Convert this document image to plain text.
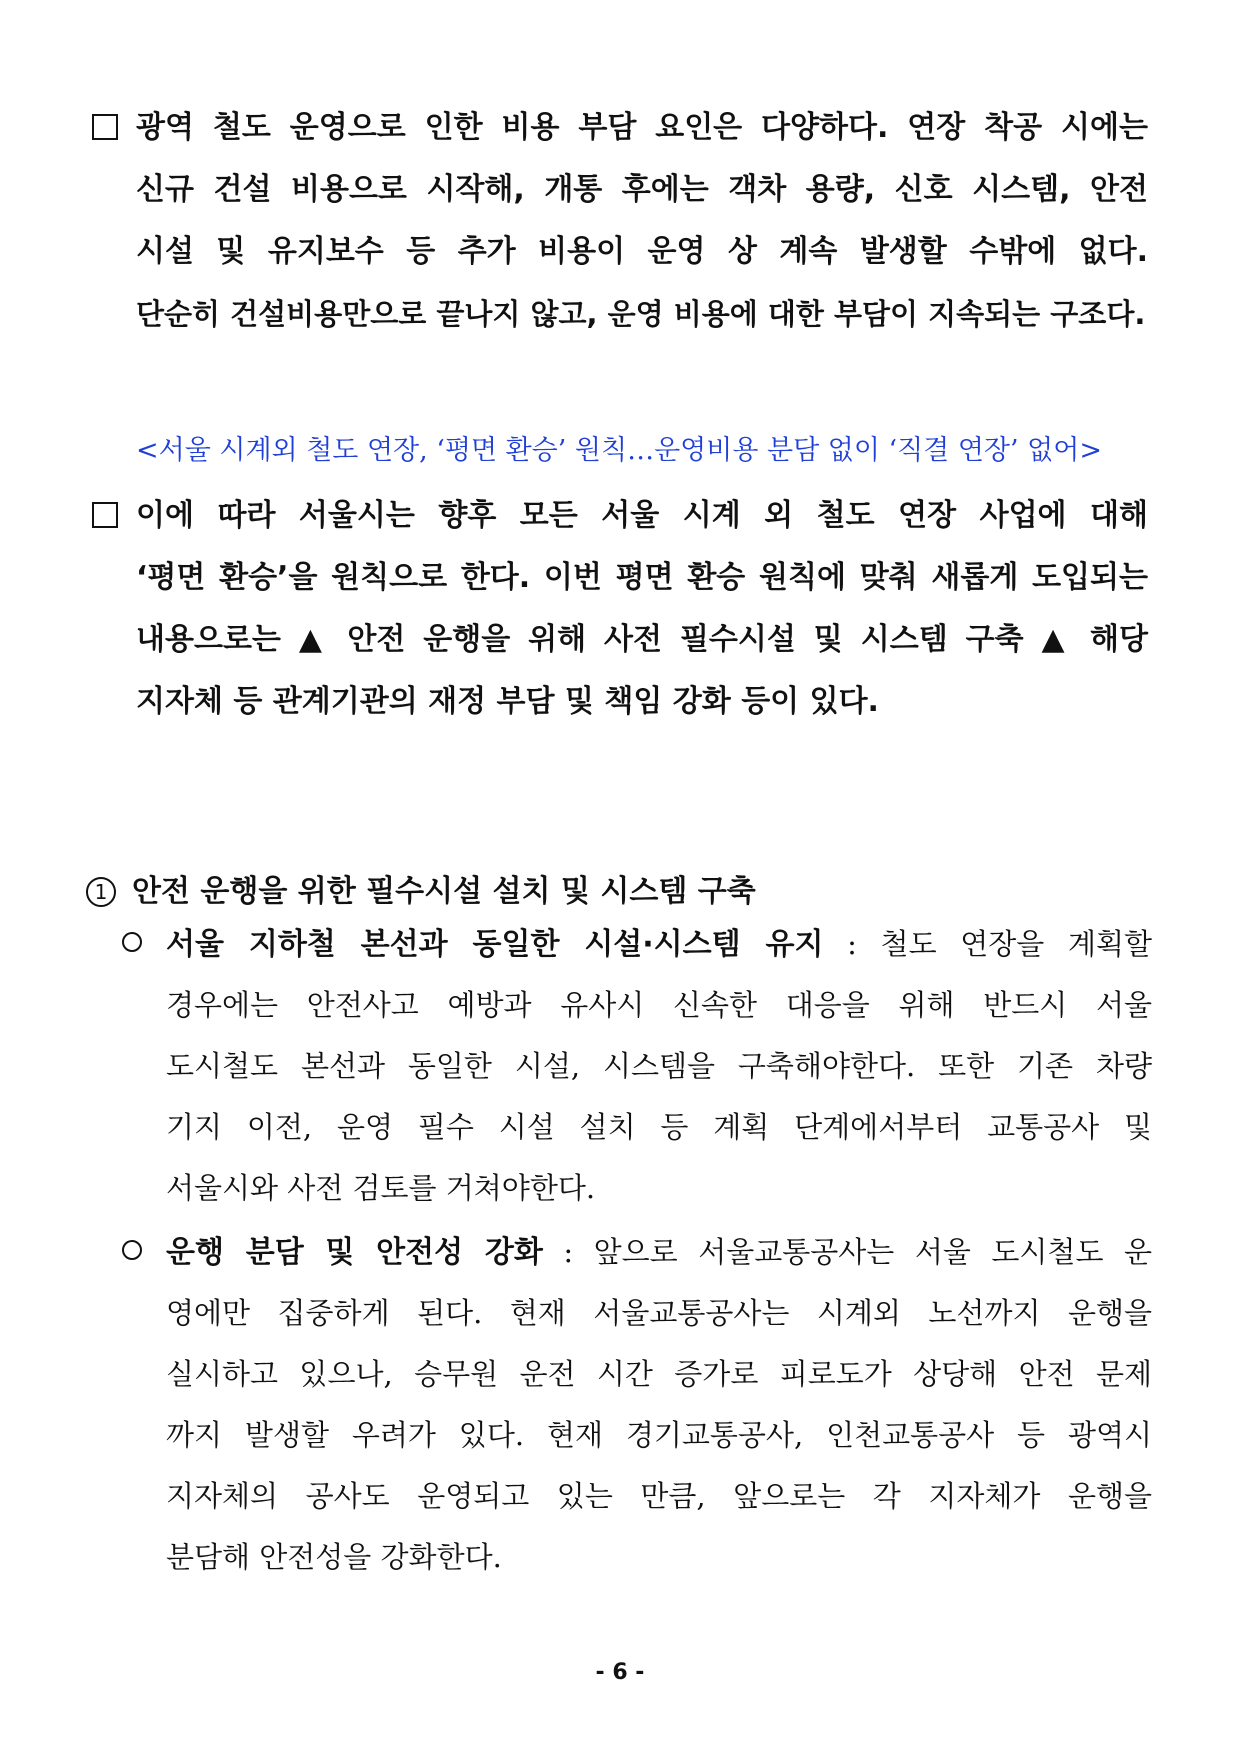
광역 철도 운영으로 인한 비용 부담 요인은 다양하다. 연장 착공 시에는
신규 건설 비용으로 시작해, 개통 후에는 객차 용량, 신호 시스템, 안전
시설 및 유지보수 등 추가 비용이 운영 상 계속 발생할 수밖에 없다.
단순히 건설비용만으로 끝나지 않고, 운영 비용에 대한 부담이 지속되는 구조다.
<서울 시계외 철도 연장, ‘평면 환승’ 원칙…운영비용 분담 없이 ‘직결 연장’ 없어>
이에 따라 서울시는 향후 모든 서울 시계 외 철도 연장 사업에 대해
‘평면 환승’을 원칙으로 한다. 이번 평면 환승 원칙에 맞춰 새롭게 도입되는
내용으로는 ▲ 안전 운행을 위해 사전 필수시설 및 시스템 구축 ▲ 해당
지자체 등 관계기관의 재정 부담 및 책임 강화 등이 있다.
1 안전 운행을 위한 필수시설 설치 및 시스템 구축
서울 지하철 본선과 동일한 시설·시스템 유지 : 철도 연장을 계획할
경우에는 안전사고 예방과 유사시 신속한 대응을 위해 반드시 서울
도시철도 본선과 동일한 시설, 시스템을 구축해야한다. 또한 기존 차량
기지 이전, 운영 필수 시설 설치 등 계획 단계에서부터 교통공사 및
서울시와 사전 검토를 거쳐야한다.
운행 분담 및 안전성 강화 : 앞으로 서울교통공사는 서울 도시철도 운
영에만 집중하게 된다. 현재 서울교통공사는 시계외 노선까지 운행을
실시하고 있으나, 승무원 운전 시간 증가로 피로도가 상당해 안전 문제
까지 발생할 우려가 있다. 현재 경기교통공사, 인천교통공사 등 광역시
지자체의 공사도 운영되고 있는 만큼, 앞으로는 각 지자체가 운행을
분담해 안전성을 강화한다.
- 6 -
